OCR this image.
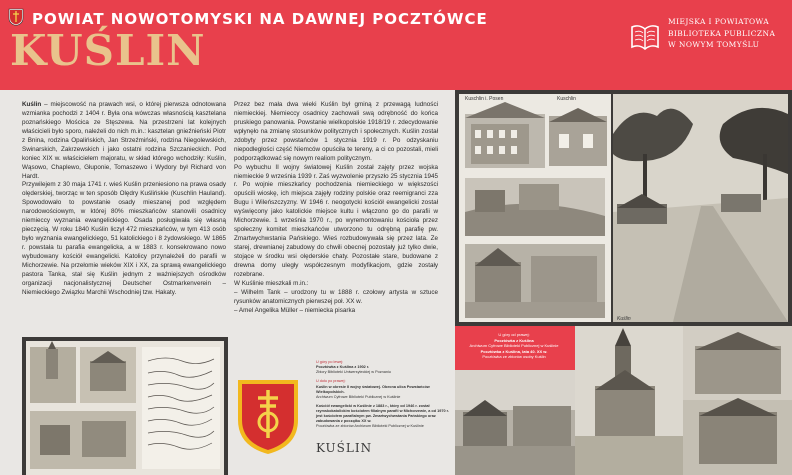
POWIAT NOWOTOMYSKI NA DAWNEJ POCZTÓWCE
KUŚLIN
MIEJSKA I POWIATOWA
BIBLIOTEKA PUBLICZNA
W NOWYM TOMYŚLU

Kuślin – miejscowość na prawach wsi, o której pierwsza odnotowana wzmianka pochodzi z 1404 r. Była ona wówczas własnością kasztelana poznańskiego Mościca ze Stęszewa. Na przestrzeni lat kolejnych właścicieli było sporo, należeli do nich m.in.: kasztelan gnieźnieński Piotr z Bnina, rodzina Opalińskich, Jan Strzeźmiński, rodzina Niegolewskich, Swinarskich, Zakrzewskich i jako ostatni rodzina Szczanieckich. Pod koniec XIX w. właścicielem majoratu, w skład którego wchodziły: Kuślin, Wąsowo, Chaplewo, Głuponie, Tomaszewo i Wydory był Richard von Hardt.

Przywilejem z 30 maja 1741 r. wieś Kuślin przeniesiono na prawa osady olęderskiej, tworząc w ten sposób Olędry Kuślińskie (Kuschlin Hauland). Spowodowało to powstanie osady mieszanej pod względem narodowościowym, w której 80% mieszkańców stanowili osadnicy niemieccy wyznania ewangelickiego. Osada posługiwała się własną pieczęcią. W roku 1840 Kuślin liczył 472 mieszkańców, w tym 413 osób było wyznania ewangelickiego, 51 katolickiego i 8 żydowskiego. W 1865 r. powstała tu parafia ewangelicka, a w 1883 r. konsekrowano nowo wybudowany kościół ewangelicki. Katolicy przynależeli do parafii w Michorzewie. Na przełomie wieków XIX i XX, za sprawą ewangelickiego pastora Tanka, stał się Kuślin jednym z ważniejszych ośrodków organizacji nacjonalistycznej Deutscher Ostmarkenverein – Niemieckiego Związku Marchii Wschodniej tzw. Hakaty.

Przez bez mała dwa wieki Kuślin był gminą z przewagą ludności niemieckiej. Niemieccy osadnicy zachowali swą odrębność do końca pruskiego panowania. Powstanie wielkopolskie 1918/19 r. zdecydowanie wpłynęło na zmianę stosunków politycznych i społecznych. Kuślin został zdobyty przez powstańców 1 stycznia 1919 r. Po odzyskaniu niepodległości część Niemców opuściła te tereny, a ci co pozostali, mieli podporządkować się nowym realiom politycznym.

Po wybuchu II wojny światowej Kuślin został zajęty przez wojska niemieckie 9 września 1939 r. Zaś wyzwolenie przyszło 25 stycznia 1945 r. Po wojnie mieszkańcy pochodzenia niemieckiego w większości opuścili wioskę, ich miejsca zajęły rodziny polskie oraz reemigranci zza Bugu i Wileńszczyzny. W 1946 r. neogotycki kościół ewangelicki został wyświęcony jako katolickie miejsce kultu i włączono go do parafii w Michorzewie. 1 września 1970 r., po wyremontowaniu kościoła przez społeczny komitet mieszkańców utworzono tu odrębną parafię pw. Zmartwychwstania Pańskiego. Wieś rozbudowywała się przez lata. Ze starej, drewnianej zabudowy do chwili obecnej pozostały już tylko dwie, stojące w środku wsi olęderskie chaty. Pozostałe stare, budowane z drewna domy uległy współczesnym modyfikacjom, gdzie zostały rozebrane.

W Kuślinie mieszkali m.in.:

– Wilhelm Tank – urodzony tu w 1888 r. czołowy artysta w sztuce rysunków anatomicznych pierwszej poł. XX w.

– Amel Angelika Müller – niemiecka pisarka

Kuschlin i. Posen	Kuschlin
Kuślin

U góry po lewej:
Pocztówka z Kuślina z 1902 r.
Zbiory Biblioteki Uniwersyteckiej w Poznaniu

U dołu po prawej:
Kuślin w okresie II wojny światowej. Obecna ulica Powstańców Wielkopolskich.
Archiwum Cyfrowe Biblioteki Publicznej w Kuślinie

Kościół ewangelicki w Kuślinie z 1883 r., który od 1946 r. został rzymskokatolickim kościołem filialnym parafii w Michorzewie, a od 1970 r. jest kościołem parafialnym pw. Zmartwychwstania Pańskiego oraz zabudowania z początku XX w.
Pocztówka ze zbiorów Archiwum Biblioteki Publicznej w Kuślinie

KUŚLIN

U góry od prawej:

Pocztówka z Kuślina

Archiwum Cyfrowe Biblioteki Publicznej w Kuślinie

Pocztówka z Kuślina, lata 40. XX w.

Pocztówka ze zbiorów osoby Kuślin
